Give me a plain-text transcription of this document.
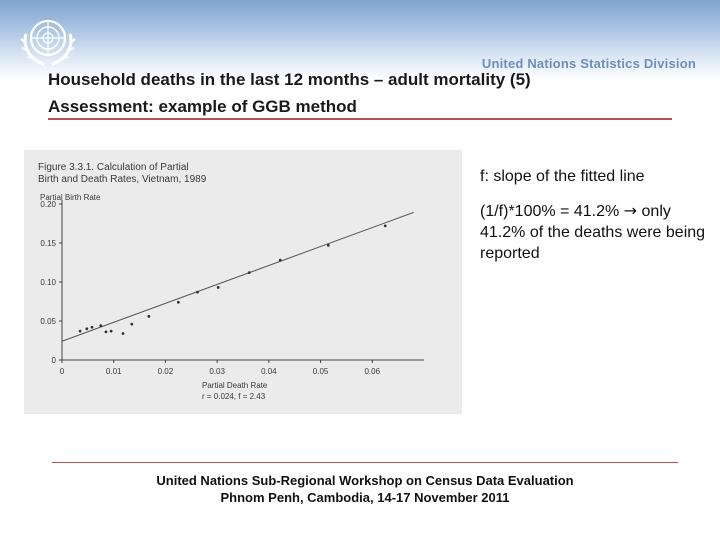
United Nations Statistics Division
Household deaths in the last 12 months – adult mortality (5)
Assessment: example of GGB method
Figure 3.3.1. Calculation of Partial Birth and Death Rates, Vietnam, 1989
Partial Birth Rate
0
0.05
0.10
0.15
0.20
0	0.01	0.02	0.03	0.04	0.05	0.06
Partial Death Rate
r = 0.024, f = 2.43

f: slope of the fitted line

(1/f)*100% = 41.2% → only 41.2% of the deaths were being reported

United Nations Sub-Regional Workshop on Census Data Evaluation
Phnom Penh, Cambodia, 14-17 November 2011
